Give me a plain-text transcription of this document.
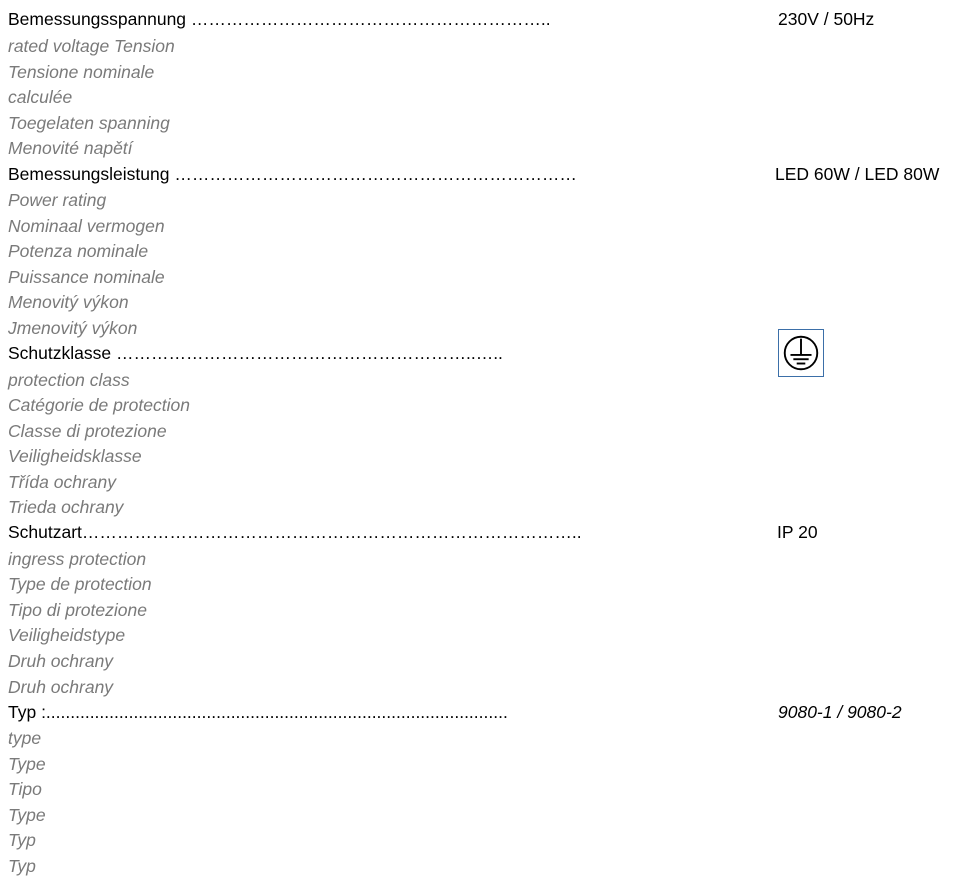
Bemessungsspannung ……………………………………………………..	230V / 50Hz
rated voltage Tension
Tensione nominale
calculée
Toegelaten spanning
Menovité napětí
Bemessungsleistung ……………………………………………………………	LED 60W / LED 80W
Power rating
Nominaal vermogen
Potenza nominale
Puissance nominale
Menovitý výkon
Jmenovitý výkon
Schutzklasse ……………………………………………………..…..
protection class
Catégorie de protection
Classe di protezione
Veiligheidsklasse
Třída ochrany
Trieda ochrany
Schutzart…………………………………………………………………………..	IP 20
ingress protection
Type de protection
Tipo di protezione
Veiligheidstype
Druh ochrany
Druh ochrany
Typ :...............................................................................................	9080-1 / 9080-2
type
Type
Tipo
Type
Typ
Typ
